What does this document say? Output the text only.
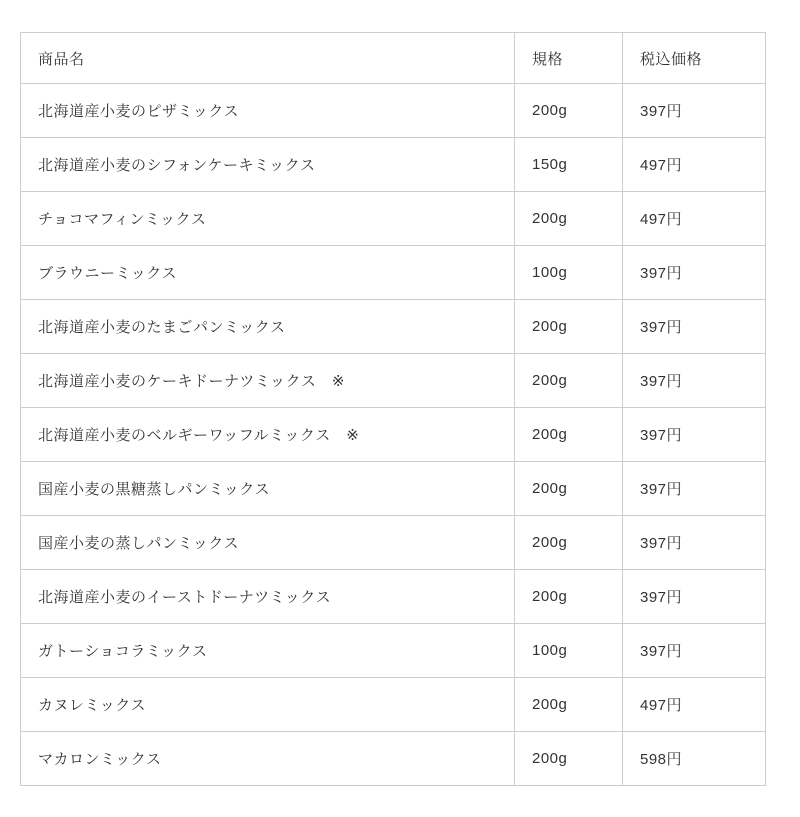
商品名	規格	税込価格
北海道産小麦のピザミックス	200g	397円
北海道産小麦のシフォンケーキミックス	150g	497円
チョコマフィンミックス	200g	497円
ブラウニーミックス	100g	397円
北海道産小麦のたまごパンミックス	200g	397円
北海道産小麦のケーキドーナツミックス　※	200g	397円
北海道産小麦のベルギーワッフルミックス　※	200g	397円
国産小麦の黒糖蒸しパンミックス	200g	397円
国産小麦の蒸しパンミックス	200g	397円
北海道産小麦のイーストドーナツミックス	200g	397円
ガトーショコラミックス	100g	397円
カヌレミックス	200g	497円
マカロンミックス	200g	598円
